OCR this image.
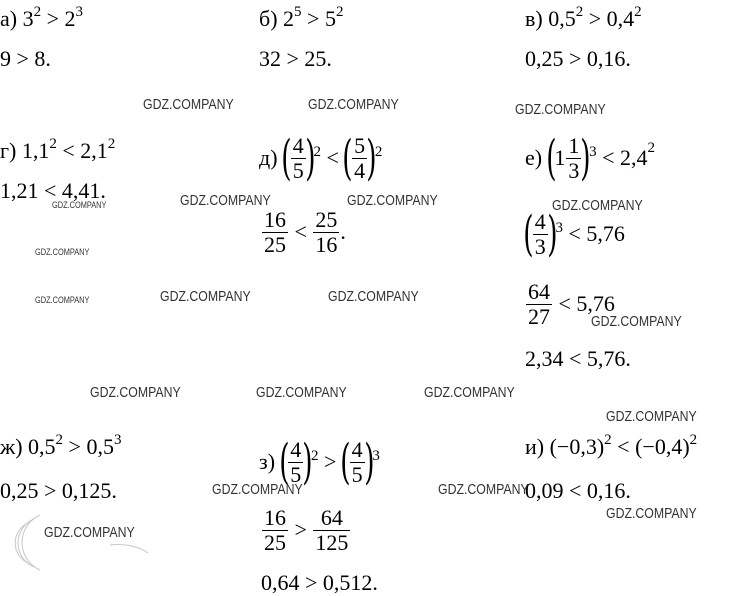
а) $3^2 > 2^3$
9 > 8.
б) $2^5 > 5^2$
32 > 25.
в) $0,5^2 > 0,4^2$
0,25 > 0,16.
г) $1,1^2 < 2,1^2$
1,21 < 4,41.
д)
( 4
5 )
2
<
( 5
4 )
2
16
25
<
25
16 .
е)
(
1 1
3 )
3
<
$2,4^2$
( 4
3 )
3
<
5,76
64
27
<
5,76
2,34 < 5,76.
ж) $0,5^2 > 0,5^3$
0,25 > 0,125.
з)
( 4
5 )
2
>
( 4
5 )
3
16
25
>
64
125
0,64 > 0,512.
и) $(-0,3)^2 < (-0,4)^2$
0,09 < 0,16.
GDZ.COMPANY	GDZ.COMPANY	GDZ.COMPANY
GDZ.COMPANY	GDZ.COMPANY	GDZ.COMPANY
GDZ.COMPANY
GDZ.COMPANY
GDZ.COMPANY	GDZ.COMPANY	GDZ.COMPANY
GDZ.COMPANY
GDZ.COMPANY	GDZ.COMPANY	GDZ.COMPANY
GDZ.COMPANY
GDZ.COMPANY	GDZ.COMPANY
GDZ.COMPANY
GDZ.COMPANY
